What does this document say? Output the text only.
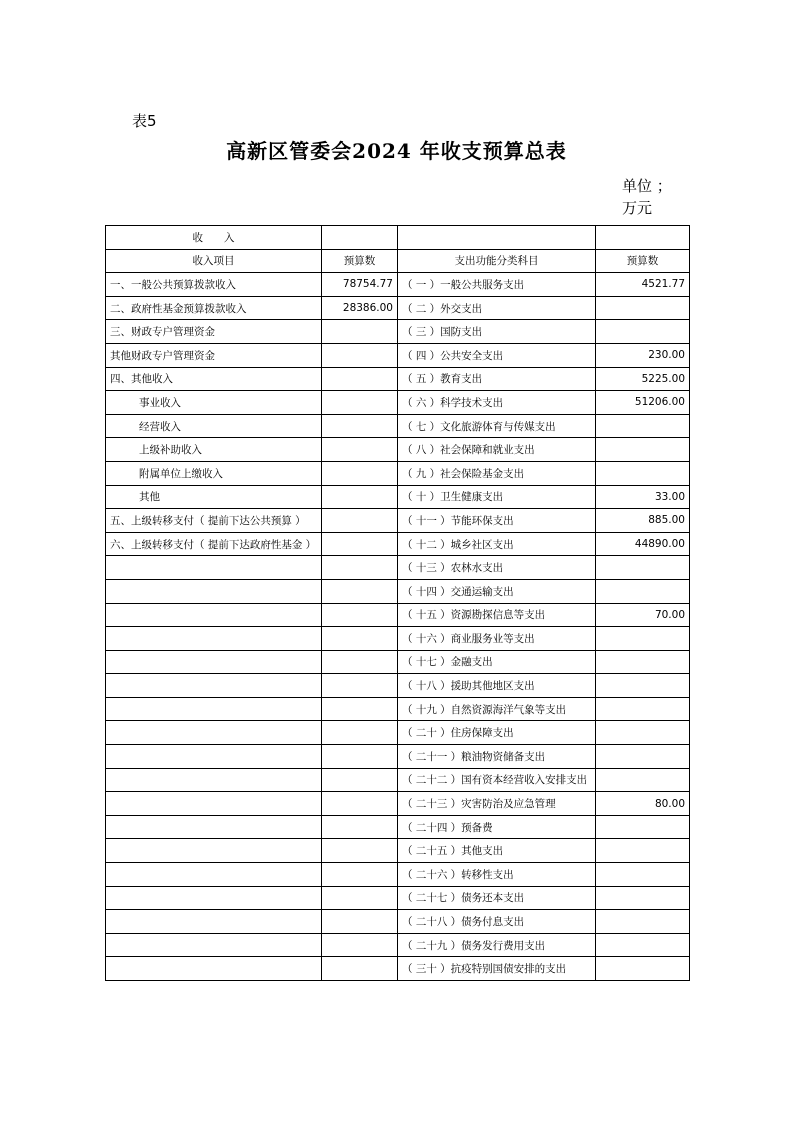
表5
高新区管委会2024 年收支预算总表
单位 ；
万元
收　　入			
收入项目	预算数	支出功能分类科目	预算数
一、一般公共预算拨款收入	78754.77	（ 一 ）一般公共服务支出	4521.77
二、政府性基金预算拨款收入	28386.00	（ 二 ）外交支出	
三、财政专户管理资金		（ 三 ）国防支出	
其他财政专户管理资金		（ 四 ）公共安全支出	230.00
四、其他收入		（ 五 ）教育支出	5225.00
事业收入		（ 六 ）科学技术支出	51206.00
经营收入		（ 七 ）文化旅游体育与传媒支出	
上级补助收入		（ 八 ）社会保障和就业支出	
附属单位上缴收入		（ 九 ）社会保险基金支出	
其他		（ 十 ）卫生健康支出	33.00
五、上级转移支付（ 提前下达公共预算 ）		（ 十一 ）节能环保支出	885.00
六、上级转移支付（ 提前下达政府性基金 ）		（ 十二 ）城乡社区支出	44890.00
		（ 十三 ）农林水支出	
		（ 十四 ）交通运输支出	
		（ 十五 ）资源勘探信息等支出	70.00
		（ 十六 ）商业服务业等支出	
		（ 十七 ）金融支出	
		（ 十八 ）援助其他地区支出	
		（ 十九 ）自然资源海洋气象等支出	
		（ 二十 ）住房保障支出	
		（ 二十一 ）粮油物资储备支出	
		（ 二十二 ）国有资本经营收入安排支出	
		（ 二十三 ）灾害防治及应急管理	80.00
		（ 二十四 ）预备费	
		（ 二十五 ）其他支出	
		（ 二十六 ）转移性支出	
		（ 二十七 ）债务还本支出	
		（ 二十八 ）债务付息支出	
		（ 二十九 ）债务发行费用支出	
		（ 三十 ）抗疫特别国债安排的支出	
